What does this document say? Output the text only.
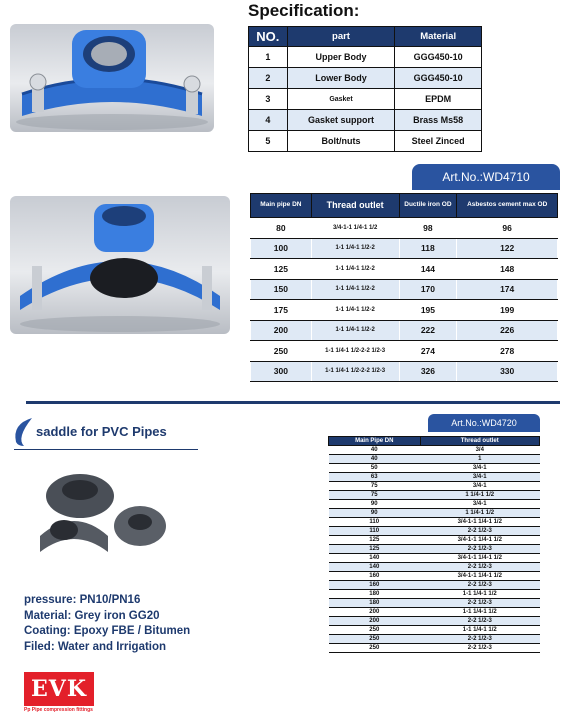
Specification:
NO.	part	Material
1	Upper Body	GGG450-10
2	Lower Body	GGG450-10
3	Gasket	EPDM
4	Gasket support	Brass Ms58
5	Bolt/nuts	Steel Zinced
Art.No.:WD4710
Main pipe DN	Thread outlet	Ductile iron OD	Asbestos cement max OD
80	3/4-1-1 1/4-1 1/2	98	96
100	1-1 1/4-1 1/2-2	118	122
125	1-1 1/4-1 1/2-2	144	148
150	1-1 1/4-1 1/2-2	170	174
175	1-1 1/4-1 1/2-2	195	199
200	1-1 1/4-1 1/2-2	222	226
250	1-1 1/4-1 1/2-2-2 1/2-3	274	278
300	1-1 1/4-1 1/2-2-2 1/2-3	326	330
saddle for PVC Pipes
Art.No.:WD4720
Main Pipe DN	Thread outlet
40	3/4
40	1
50	3/4-1
63	3/4-1
75	3/4-1
75	1 1/4-1 1/2
90	3/4-1
90	1 1/4-1 1/2
110	3/4-1-1 1/4-1 1/2
110	2-2 1/2-3
125	3/4-1-1 1/4-1 1/2
125	2-2 1/2-3
140	3/4-1-1 1/4-1 1/2
140	2-2 1/2-3
160	3/4-1-1 1/4-1 1/2
160	2-2 1/2-3
180	1-1 1/4-1 1/2
180	2-2 1/2-3
200	1-1 1/4-1 1/2
200	2-2 1/2-3
250	1-1 1/4-1 1/2
250	2-2 1/2-3
250	2-2 1/2-3
pressure: PN10/PN16
Material: Grey iron GG20
Coating: Epoxy FBE / Bitumen
Filed: Water and Irrigation
EVK
Pp Pipe compression fittings
